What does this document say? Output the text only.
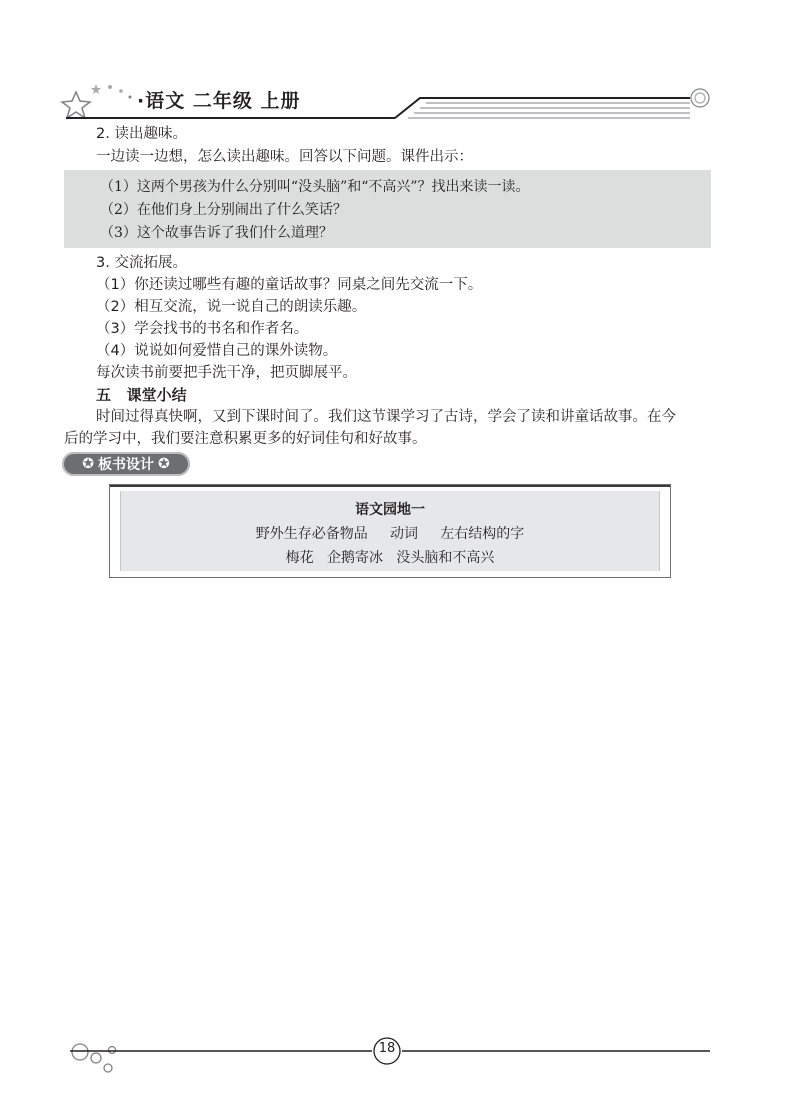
·语文 二年级 上册
2. 读出趣味。
一边读一边想，怎么读出趣味。回答以下问题。课件出示：
（1）这两个男孩为什么分别叫“没头脑”和“不高兴”？找出来读一读。
（2）在他们身上分别闹出了什么笑话？
（3）这个故事告诉了我们什么道理？
3. 交流拓展。
（1）你还读过哪些有趣的童话故事？同桌之间先交流一下。
（2）相互交流，说一说自己的朗读乐趣。
（3）学会找书的书名和作者名。
（4）说说如何爱惜自己的课外读物。
每次读书前要把手洗干净，把页脚展平。
五   课堂小结
时间过得真快啊，又到下课时间了。我们这节课学习了古诗，学会了读和讲童话故事。在今
后的学习中，我们要注意积累更多的好词佳句和好故事。
✪ 板书设计 ✪
语文园地一
野外生存必备物品     动词     左右结构的字
梅花   企鹅寄冰   没头脑和不高兴
18
